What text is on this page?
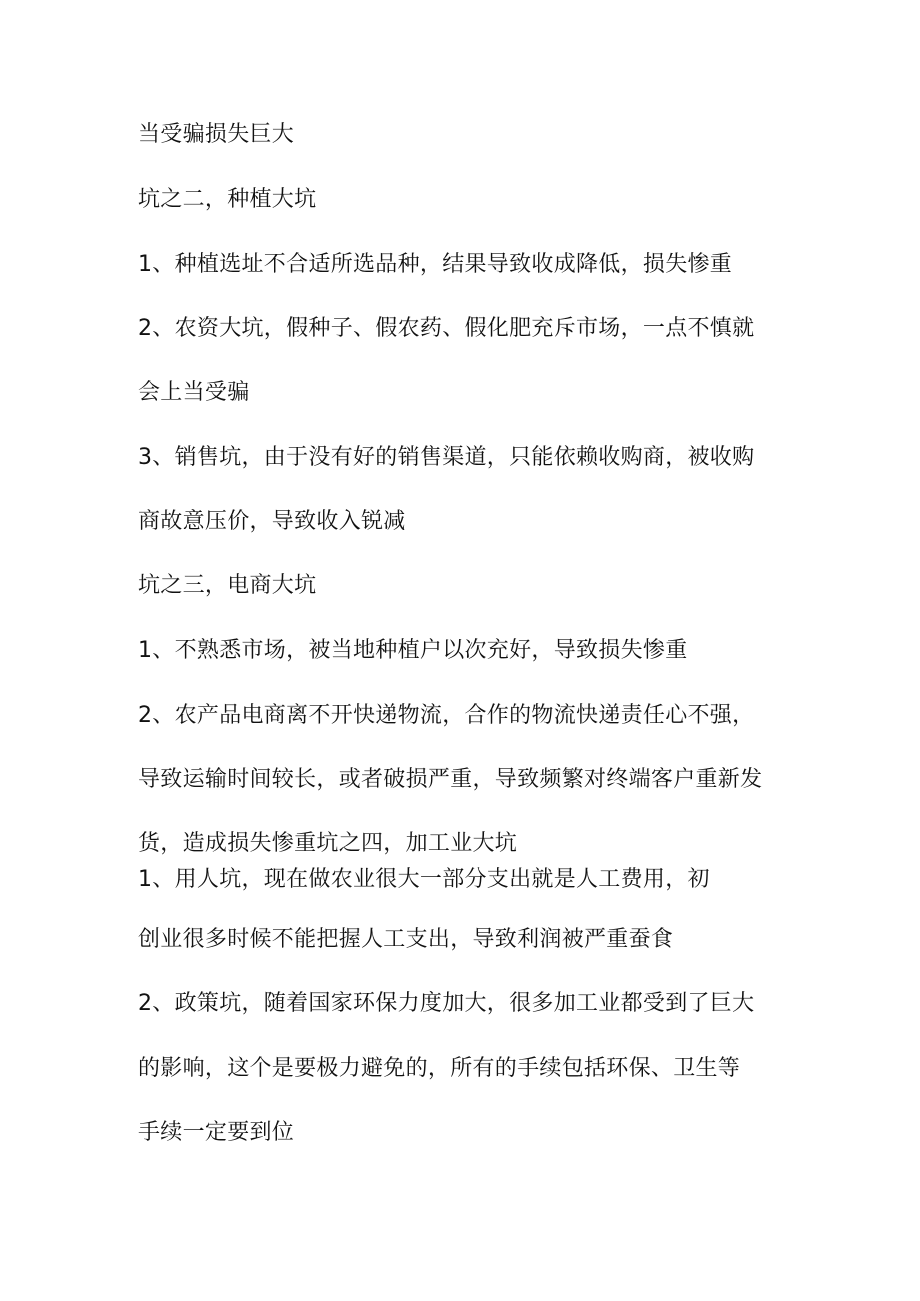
当受骗损失巨大

坑之二，种植大坑

1、种植选址不合适所选品种，结果导致收成降低，损失惨重

2、农资大坑，假种子、假农药、假化肥充斥市场，一点不慎就

会上当受骗

3、销售坑，由于没有好的销售渠道，只能依赖收购商，被收购

商故意压价，导致收入锐减

坑之三，电商大坑

1、不熟悉市场，被当地种植户以次充好，导致损失惨重

2、农产品电商离不开快递物流，合作的物流快递责任心不强，

导致运输时间较长，或者破损严重，导致频繁对终端客户重新发

货，造成损失惨重坑之四，加工业大坑

1、用人坑，现在做农业很大一部分支出就是人工费用，初

创业很多时候不能把握人工支出，导致利润被严重蚕食

2、政策坑，随着国家环保力度加大，很多加工业都受到了巨大

的影响，这个是要极力避免的，所有的手续包括环保、卫生等

手续一定要到位
